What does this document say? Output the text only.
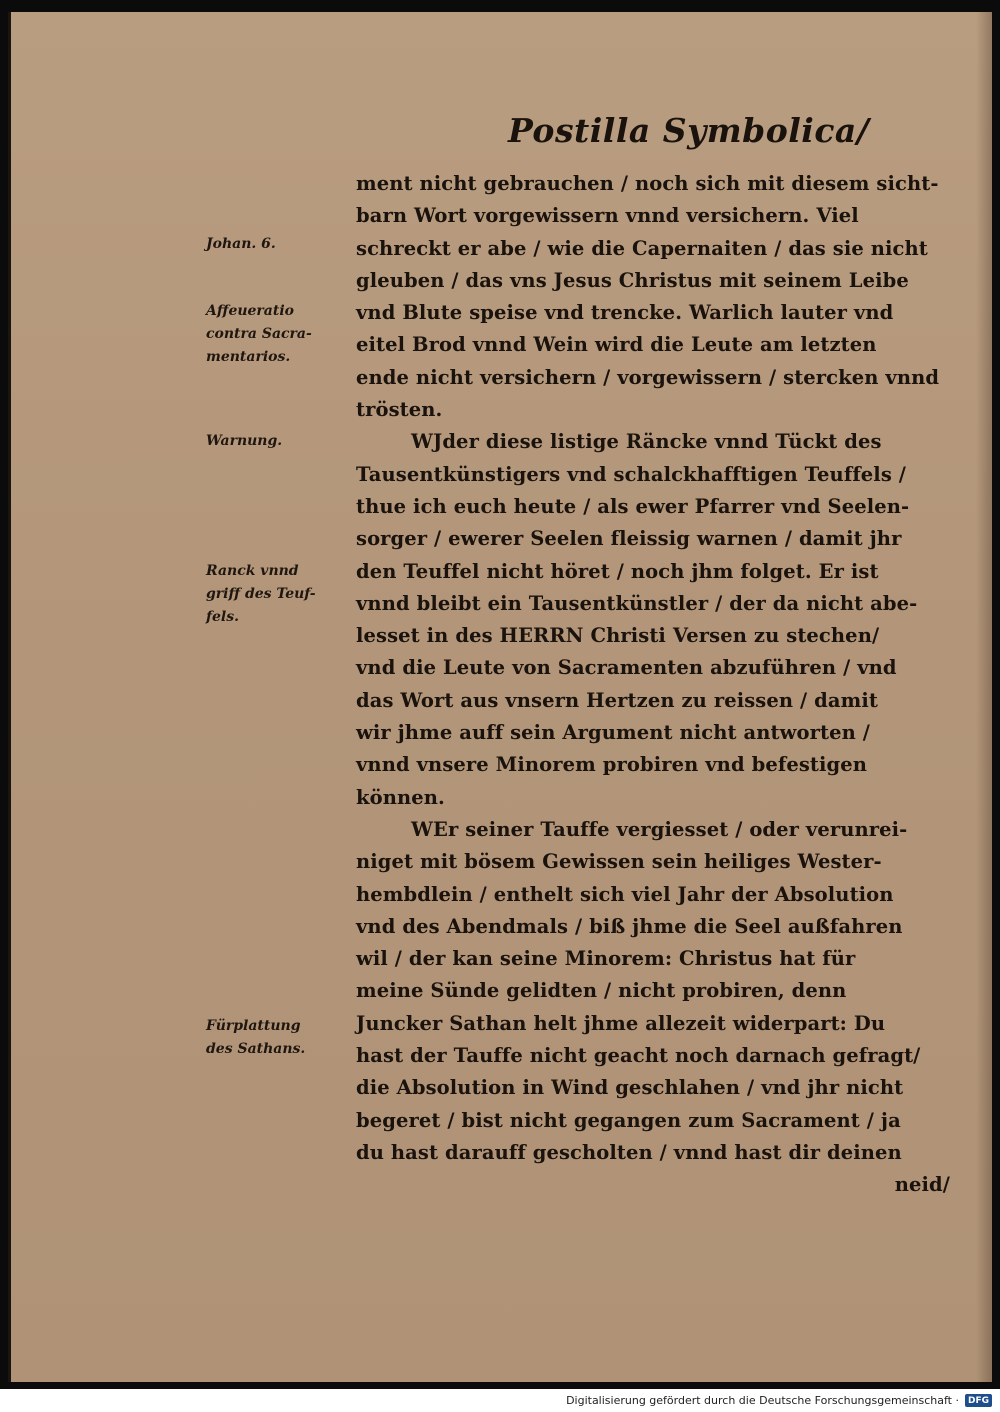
Postilla Symbolica/
Johan. 6.
Affeueratio
contra Sacra-
mentarios.
Warnung.
Ranck vnnd
griff des Teuf-
fels.
Fürplattung
des Sathans.
ment nicht gebrauchen / noch sich mit diesem sicht-
barn Wort vorgewissern vnnd versichern. Viel
schreckt er abe / wie die Capernaiten / das sie nicht
gleuben / das vns Jesus Christus mit seinem Leibe
vnd Blute speise vnd trencke. Warlich lauter vnd
eitel Brod vnnd Wein wird die Leute am letzten
ende nicht versichern / vorgewissern / stercken vnnd
trösten.
WJder diese listige Räncke vnnd Tückt des
Tausentkünstigers vnd schalckhafftigen Teuffels /
thue ich euch heute / als ewer Pfarrer vnd Seelen-
sorger / ewerer Seelen fleissig warnen / damit jhr
den Teuffel nicht höret / noch jhm folget. Er ist
vnnd bleibt ein Tausentkünstler / der da nicht abe-
lesset in des HERRN Christi Versen zu stechen/
vnd die Leute von Sacramenten abzuführen / vnd
das Wort aus vnsern Hertzen zu reissen / damit
wir jhme auff sein Argument nicht antworten /
vnnd vnsere Minorem probiren vnd befestigen
können.
WEr seiner Tauffe vergiesset / oder verunrei-
niget mit bösem Gewissen sein heiliges Wester-
hembdlein / enthelt sich viel Jahr der Absolution
vnd des Abendmals / biß jhme die Seel außfahren
wil / der kan seine Minorem: Christus hat für
meine Sünde gelidten / nicht probiren, denn
Juncker Sathan helt jhme allezeit widerpart: Du
hast der Tauffe nicht geacht noch darnach gefragt/
die Absolution in Wind geschlahen / vnd jhr nicht
begeret / bist nicht gegangen zum Sacrament / ja
du hast darauff gescholten / vnnd hast dir deinen
neid/
Digitalisierung gefördert durch die Deutsche Forschungsgemeinschaft ·	DFG
